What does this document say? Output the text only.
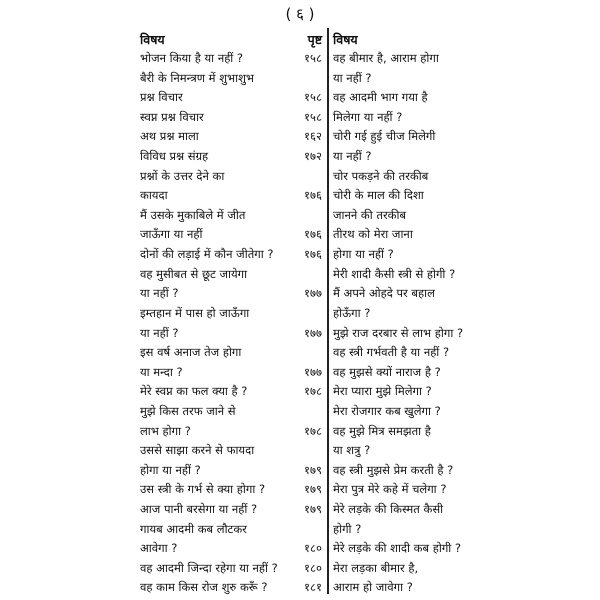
( ६ )
विषय	पृष्ट
भोजन किया है या नहीं ?	१५८
बैरी के निमन्त्रण में शुभाशुभ
प्रश्न विचार	१५८
स्वप्न प्रश्न विचार	१५८
अथ प्रश्न माला	१६२
विविध प्रश्न संग्रह	१७२
प्रश्नों के उत्तर देने का
कायदा	१७६
मैं उसके मुकाबिले में जीत
जाऊँगा या नहीं	१७६
दोनों की लड़ाई में कौन जीतेगा ?	१७६
वह मुसीबत से छूट जायेगा
या नहीं ?	१७७
इम्तहान में पास हो जाऊँगा
या नहीं ?	१७७
इस वर्ष अनाज तेज होगा
या मन्दा ?	१७७
मेरे स्वप्न का फल क्या है ?	१७८
मुझे किस तरफ जाने से
लाभ होगा ?	१७८
उससे साझा करने से फायदा
होगा या नहीं ?	१७९
उस स्त्री के गर्भ से क्या होगा ?	१७९
आज पानी बरसेगा या नहीं ?	१७९
गायब आदमी कब लौटकर
आवेगा ?	१८०
वह आदमी जिन्दा रहेगा या नहीं ? १८०
वह काम किस रोज शुरु करूँ ?	१८१
विषय
वह बीमार है, आराम होगा
या नहीं ?
वह आदमी भाग गया है
मिलेगा या नहीं ?
चोरी गई हुई चीज मिलेगी
या नहीं ?
चोर पकड़ने की तरकीब
चोरी के माल की दिशा
जानने की तरकीब
तीरथ को मेरा जाना
होगा या नहीं ?
मेरी शादी कैसी स्त्री से होगी ?
मैं अपने ओहदे पर बहाल
होऊँगा ?
मुझे राज दरबार से लाभ होगा ?
वह स्त्री गर्भवती है या नहीं ?
वह मुझसे क्यों नाराज है ?
मेरा प्यारा मुझे मिलेगा ?
मेरा रोजगार कब खुलेगा ?
वह मुझे मित्र समझता है
या शत्रु ?
वह स्त्री मुझसे प्रेम करती है ?
मेरा पुत्र मेरे कहे में चलेगा ?
मेरे लड़के की किस्मत कैसी
होगी ?
मेरे लड़के की शादी कब होगी ?
मेरा लड़का बीमार है,
आराम हो जावेगा ?
